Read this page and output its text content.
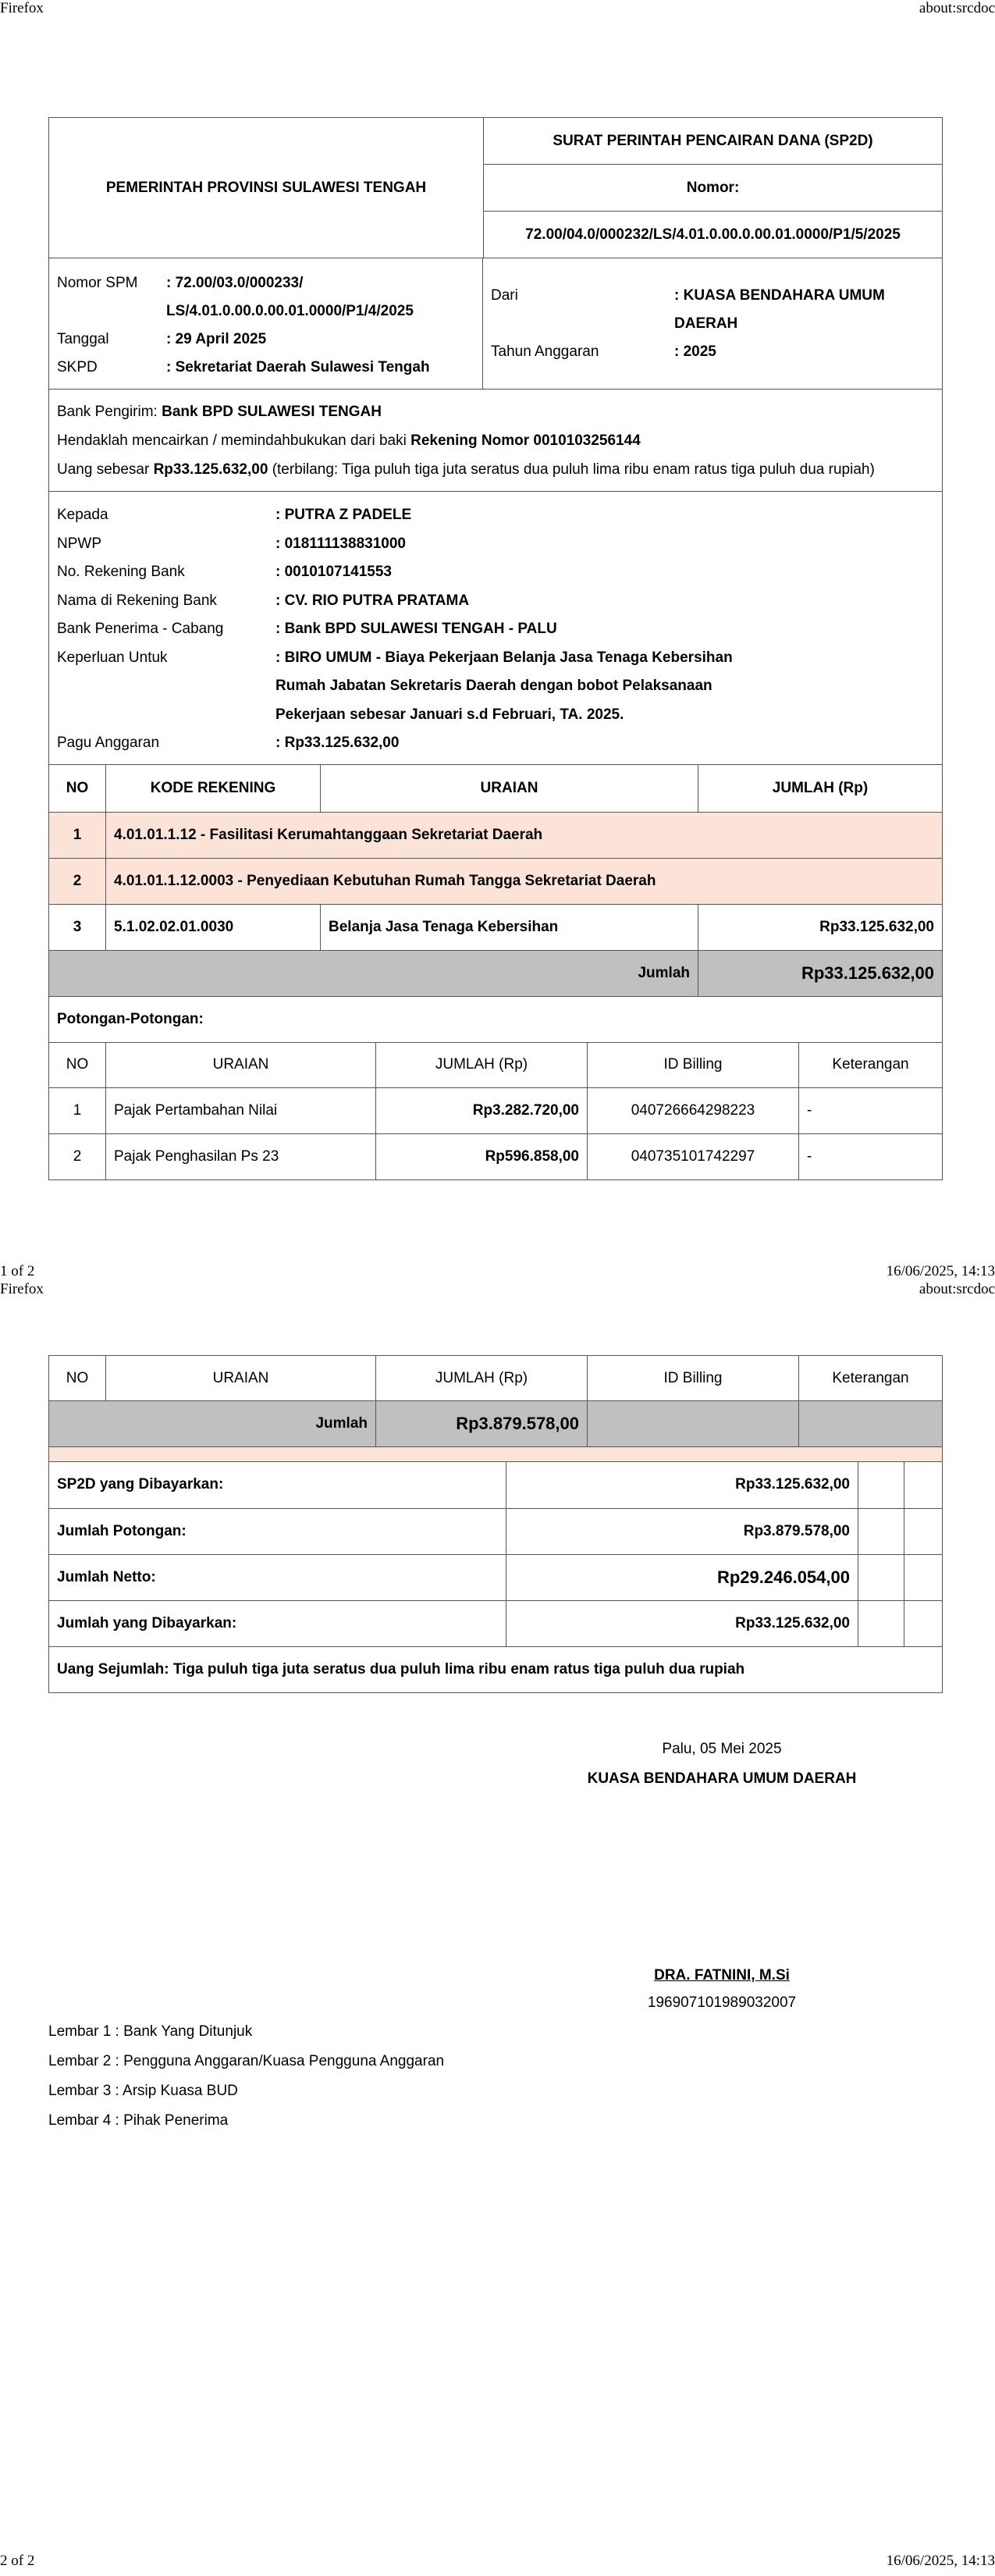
Firefox	about:srcdoc
PEMERINTAH PROVINSI SULAWESI TENGAH	SURAT PERINTAH PENCAIRAN DANA (SP2D)
Nomor:
72.00/04.0/000232/LS/4.01.0.00.0.00.01.0000/P1/5/2025
Nomor SPM	: 72.00/03.0/000233/
LS/4.01.0.00.0.00.01.0000/P1/4/2025
Tanggal	: 29 April 2025
SKPD	: Sekretariat Daerah Sulawesi Tengah
Dari	: KUASA BENDAHARA UMUM
DAERAH
Tahun Anggaran	: 2025
Bank Pengirim: Bank BPD SULAWESI TENGAH
Hendaklah mencairkan / memindahbukukan dari baki Rekening Nomor 0010103256144
Uang sebesar Rp33.125.632,00 (terbilang: Tiga puluh tiga juta seratus dua puluh lima ribu enam ratus tiga puluh dua rupiah)
Kepada	: PUTRA Z PADELE
NPWP	: 018111138831000
No. Rekening Bank	: 0010107141553
Nama di Rekening Bank	: CV. RIO PUTRA PRATAMA
Bank Penerima - Cabang	: Bank BPD SULAWESI TENGAH - PALU
Keperluan Untuk	: BIRO UMUM - Biaya Pekerjaan Belanja Jasa Tenaga Kebersihan
Rumah Jabatan Sekretaris Daerah dengan bobot Pelaksanaan
Pekerjaan sebesar Januari s.d Februari, TA. 2025.
Pagu Anggaran	: Rp33.125.632,00
NO	KODE REKENING	URAIAN	JUMLAH (Rp)
1	4.01.01.1.12 - Fasilitasi Kerumahtanggaan Sekretariat Daerah		
2	4.01.01.1.12.0003 - Penyediaan Kebutuhan Rumah Tangga Sekretariat Daerah		
3	5.1.02.02.01.0030	Belanja Jasa Tenaga Kebersihan	Rp33.125.632,00
Jumlah			Rp33.125.632,00
Potongan-Potongan:
NO	URAIAN	JUMLAH (Rp)	ID Billing	Keterangan
1	Pajak Pertambahan Nilai	Rp3.282.720,00	040726664298223	-
2	Pajak Penghasilan Ps 23	Rp596.858,00	040735101742297	-
1 of 2	16/06/2025, 14:13
Firefox	about:srcdoc
NO	URAIAN	JUMLAH (Rp)	ID Billing	Keterangan
Jumlah		Rp3.879.578,00		

SP2D yang Dibayarkan:	Rp33.125.632,00		
Jumlah Potongan:	Rp3.879.578,00		
Jumlah Netto:	Rp29.246.054,00		
Jumlah yang Dibayarkan:	Rp33.125.632,00		
Uang Sejumlah: Tiga puluh tiga juta seratus dua puluh lima ribu enam ratus tiga puluh dua rupiah			
Palu, 05 Mei 2025
KUASA BENDAHARA UMUM DAERAH
DRA. FATNINI, M.Si
196907101989032007
Lembar 1 : Bank Yang Ditunjuk
Lembar 2 : Pengguna Anggaran/Kuasa Pengguna Anggaran
Lembar 3 : Arsip Kuasa BUD
Lembar 4 : Pihak Penerima
2 of 2	16/06/2025, 14:13
